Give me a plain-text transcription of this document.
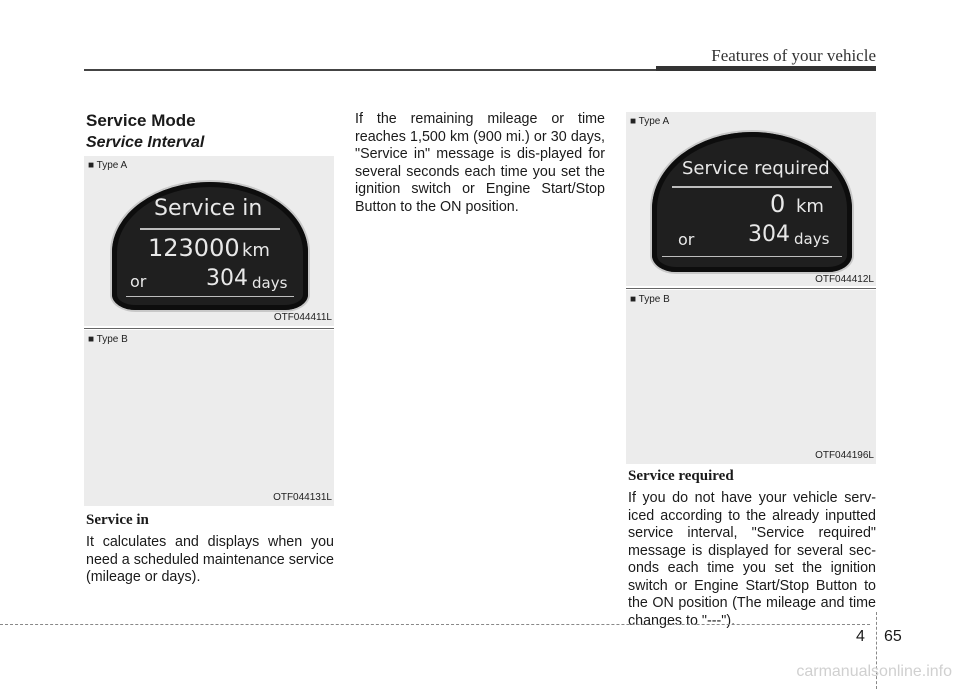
Features of your vehicle
Service Mode
Service Interval
■ Type A
Service in
123000 km
or	304 days
OTF044411L
■ Type B
OTF044131L
Service in
It calculates and displays when you need a scheduled maintenance service (mileage or days).
If the remaining mileage or time reaches 1,500 km (900 mi.) or 30 days, "Service in" message is dis-played for several seconds each time you set the ignition switch or Engine Start/Stop Button to the ON position.
■ Type A
Service required
0 km
or 304 days
OTF044412L
■ Type B
OTF044196L
Service required
If you do not have your vehicle serv-iced according to the already inputted service interval, "Service required" message is displayed for several sec-onds each time you set the ignition switch or Engine Start/Stop Button to the ON position (The mileage and time changes to "---").
4 65
carmanualsonline.info
